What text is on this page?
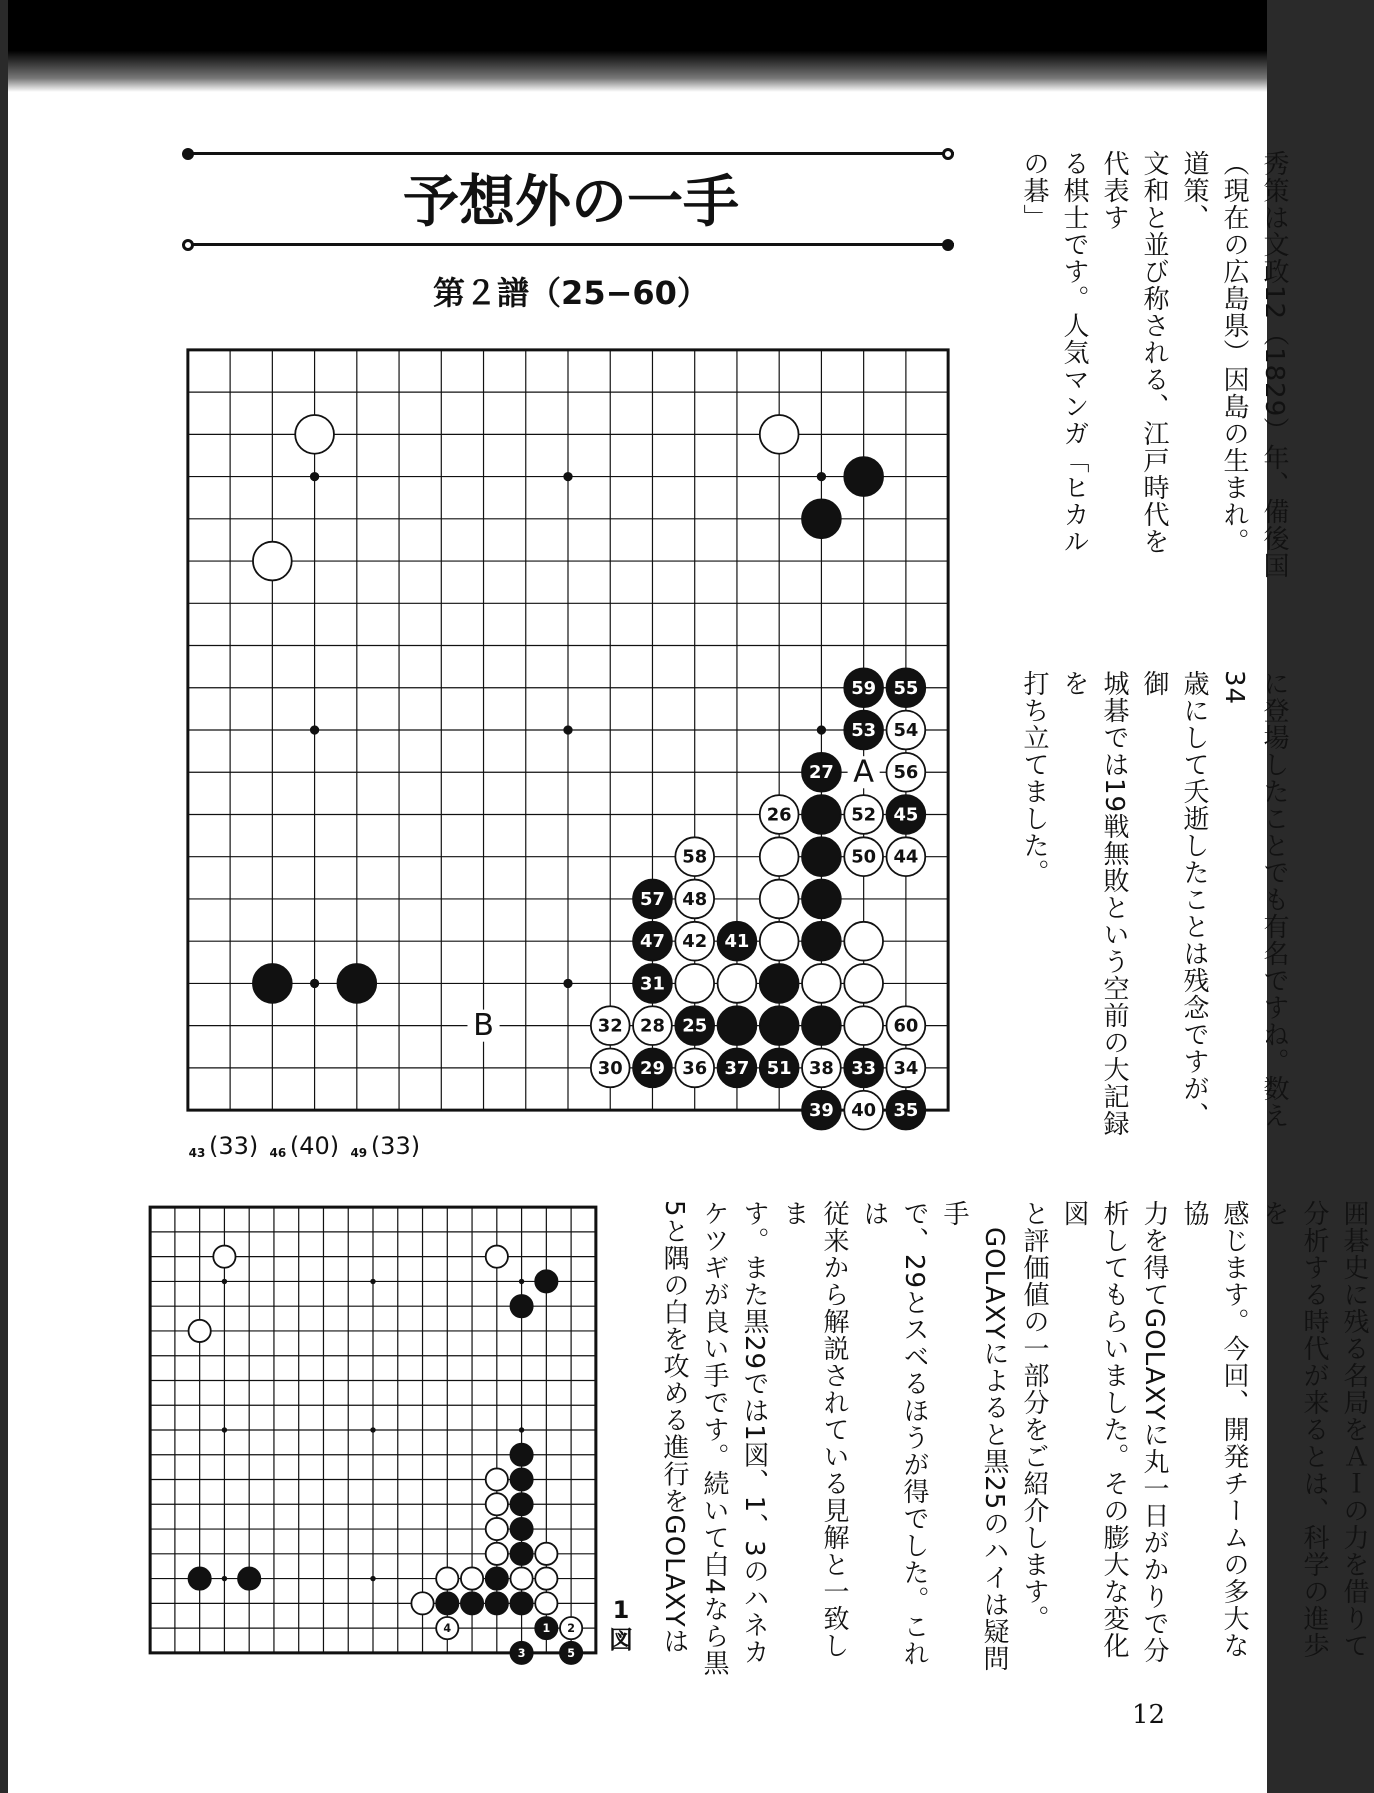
予想外の一手
第２譜（25−60）
A
B
59 55
53 54
27	56
26	52 45
58	50 44
57 48
47 42 41
31
32 28 25	60
30 29 36 37 51 38 33 34
39 40 35
43 (33) 46 (40) 49 (33)
4	1 2
3	5
1図
秀策は文政12（1829）年、備後国
（現在の広島県）因島の生まれ。道策、
文和と並び称される、江戸時代を代表す
る棋士です。人気マンガ「ヒカルの碁」
に登場したことでも有名ですね。数え34
歳にして夭逝したことは残念ですが、御
城碁では19戦無敗という空前の大記録を
打ち立てました。
囲碁史に残る名局をＡＩの力を借りて
分析する時代が来るとは、科学の進歩を
感じます。今回、開発チームの多大な協
力を得てGOLAXYに丸一日がかりで分
析してもらいました。その膨大な変化図
と評価値の一部分をご紹介します。
　GOLAXYによると黒25のハイは疑問手
で、29とスベるほうが得でした。これは
従来から解説されている見解と一致しま
す。また黒29では1図、1、3のハネカ
ケツギが良い手です。続いて白4なら黒
5と隅の白を攻める進行をGOLAXYは
12
